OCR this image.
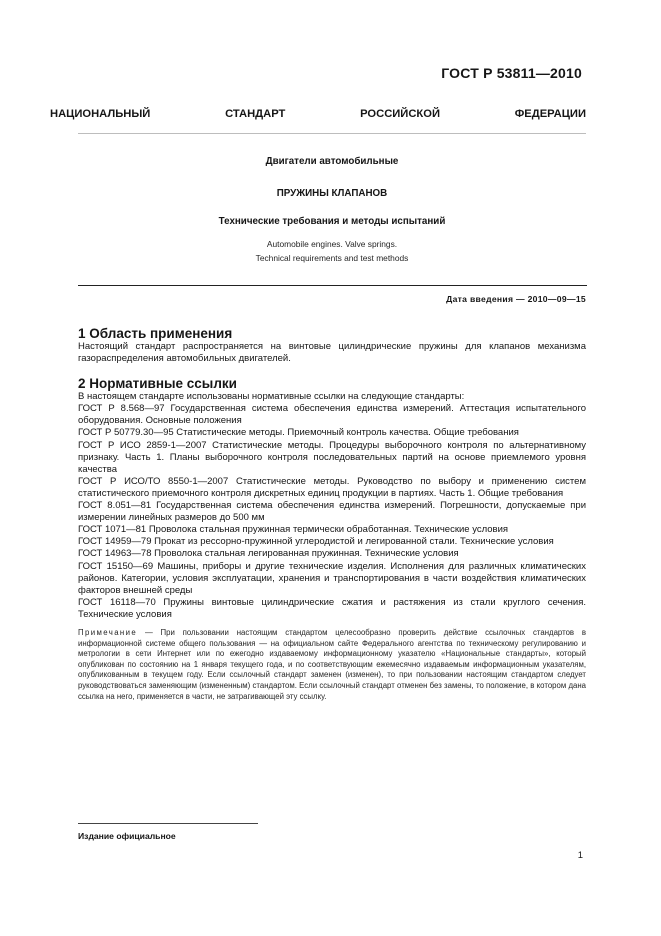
ГОСТ Р 53811—2010
НАЦИОНАЛЬНЫЙ СТАНДАРТ РОССИЙСКОЙ ФЕДЕРАЦИИ
Двигатели автомобильные
ПРУЖИНЫ КЛАПАНОВ
Технические требования и методы испытаний
Automobile engines. Valve springs.
Technical requirements and test methods
Дата введения — 2010—09—15
1 Область применения

Настоящий стандарт распространяется на винтовые цилиндрические пружины для клапанов механизма газораспределения автомобильных двигателей.

2 Нормативные ссылки

В настоящем стандарте использованы нормативные ссылки на следующие стандарты:

ГОСТ Р 8.568—97 Государственная система обеспечения единства измерений. Аттестация испытательного оборудования. Основные положения

ГОСТ Р 50779.30—95 Статистические методы. Приемочный контроль качества. Общие требования

ГОСТ Р ИСО 2859-1—2007 Статистические методы. Процедуры выборочного контроля по альтернативному признаку. Часть 1. Планы выборочного контроля последовательных партий на основе приемлемого уровня качества

ГОСТ Р ИСО/ТО 8550-1—2007 Статистические методы. Руководство по выбору и применению систем статистического приемочного контроля дискретных единиц продукции в партиях. Часть 1. Общие требования

ГОСТ 8.051—81 Государственная система обеспечения единства измерений. Погрешности, допускаемые при измерении линейных размеров до 500 мм

ГОСТ 1071—81 Проволока стальная пружинная термически обработанная. Технические условия

ГОСТ 14959—79 Прокат из рессорно-пружинной углеродистой и легированной стали. Технические условия

ГОСТ 14963—78 Проволока стальная легированная пружинная. Технические условия

ГОСТ 15150—69 Машины, приборы и другие технические изделия. Исполнения для различных климатических районов. Категории, условия эксплуатации, хранения и транспортирования в части воздействия климатических факторов внешней среды

ГОСТ 16118—70 Пружины винтовые цилиндрические сжатия и растяжения из стали круглого сечения. Технические условия

Примечание — При пользовании настоящим стандартом целесообразно проверить действие ссылочных стандартов в информационной системе общего пользования — на официальном сайте Федерального агентства по техническому регулированию и метрологии в сети Интернет или по ежегодно издаваемому информационному указателю «Национальные стандарты», который опубликован по состоянию на 1 января текущего года, и по соответствующим ежемесячно издаваемым информационным указателям, опубликованным в текущем году. Если ссылочный стандарт заменен (изменен), то при пользовании настоящим стандартом следует руководствоваться заменяющим (измененным) стандартом. Если ссылочный стандарт отменен без замены, то положение, в котором дана ссылка на него, применяется в части, не затрагивающей эту ссылку.

Издание официальное
1
